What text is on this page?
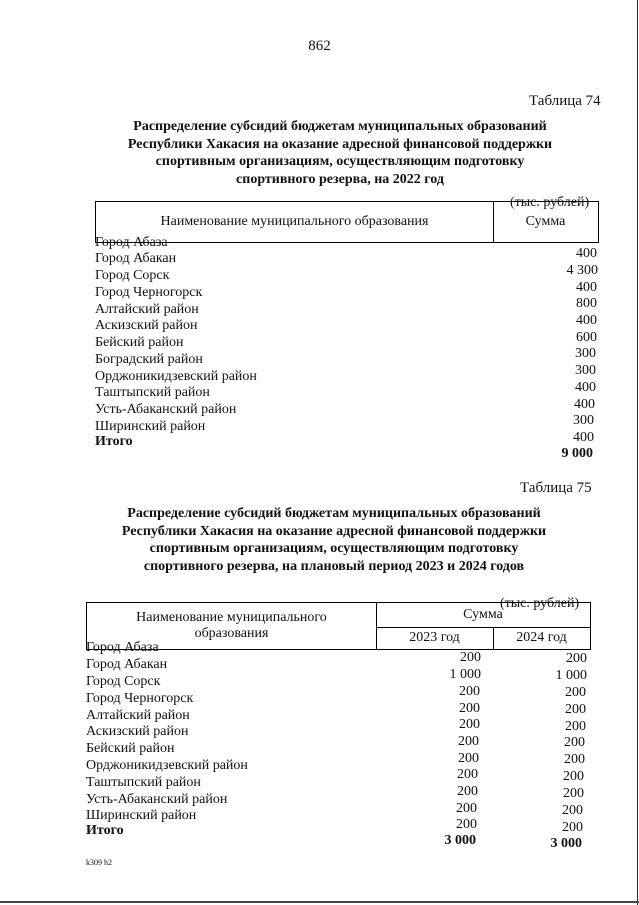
862
Таблица 74
Распределение субсидий бюджетам муниципальных образований
Республики Хакасия на оказание адресной финансовой поддержки
спортивным организациям, осуществляющим подготовку
спортивного резерва, на 2022 год
(тыс. рублей)
Наименование муниципального образования	Сумма
Город Абаза
Город Абакан
Город Сорск
Город Черногорск
Алтайский район
Аскизский район
Бейский район
Боградский район
Орджоникидзевский район
Таштыпский район
Усть-Абаканский район
Ширинский район
Итого
400
4 300
400
800
400
600
300
300
400
400
300
400
9 000
Таблица 75
Распределение субсидий бюджетам муниципальных образований
Республики Хакасия на оказание адресной финансовой поддержки
спортивным организациям, осуществляющим подготовку
спортивного резерва, на плановый период 2023 и 2024 годов
(тыс. рублей)
Наименование муниципального
образования
Сумма
2023 год	2024 год
Город Абаза
Город Абакан
Город Сорск
Город Черногорск
Алтайский район
Аскизский район
Бейский район
Орджоникидзевский район
Таштыпский район
Усть-Абаканский район
Ширинский район
Итого
200
1 000
200
200
200
200
200
200
200
200
200
3 000
200
1 000
200
200
200
200
200
200
200
200
200
3 000
k309 h2
